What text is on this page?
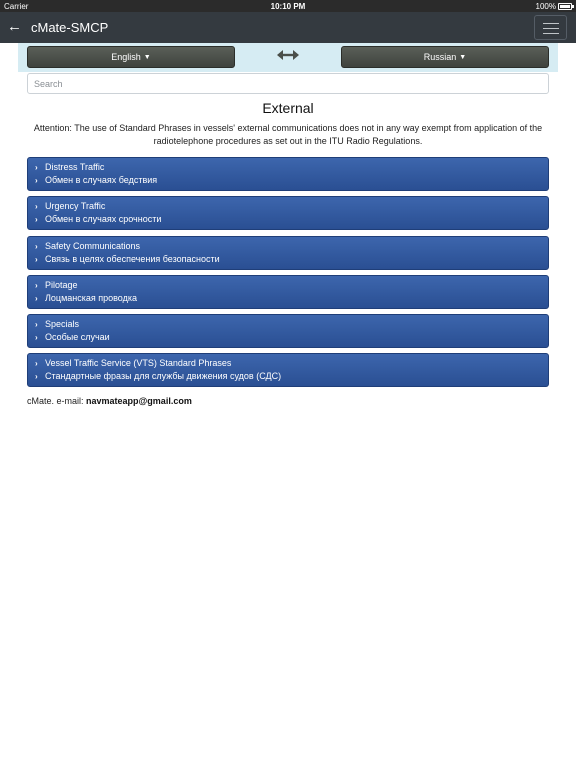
Carrier	10:10 PM	100%
← cMate-SMCP
English ▼	Russian ▼
Search
External
Attention: The use of Standard Phrases in vessels' external communications does not in any way exempt from application of the radiotelephone procedures as set out in the ITU Radio Regulations.
› Distress Traffic
› Обмен в случаях бедствия
› Urgency Traffic
› Обмен в случаях срочности
› Safety Communications
› Связь в целях обеспечения безопасности
› Pilotage
› Лоцманская проводка
› Specials
› Особые случаи
› Vessel Traffic Service (VTS) Standard Phrases
› Стандартные фразы для службы движения судов (СДС)
cMate. e-mail: navmateapp@gmail.com
